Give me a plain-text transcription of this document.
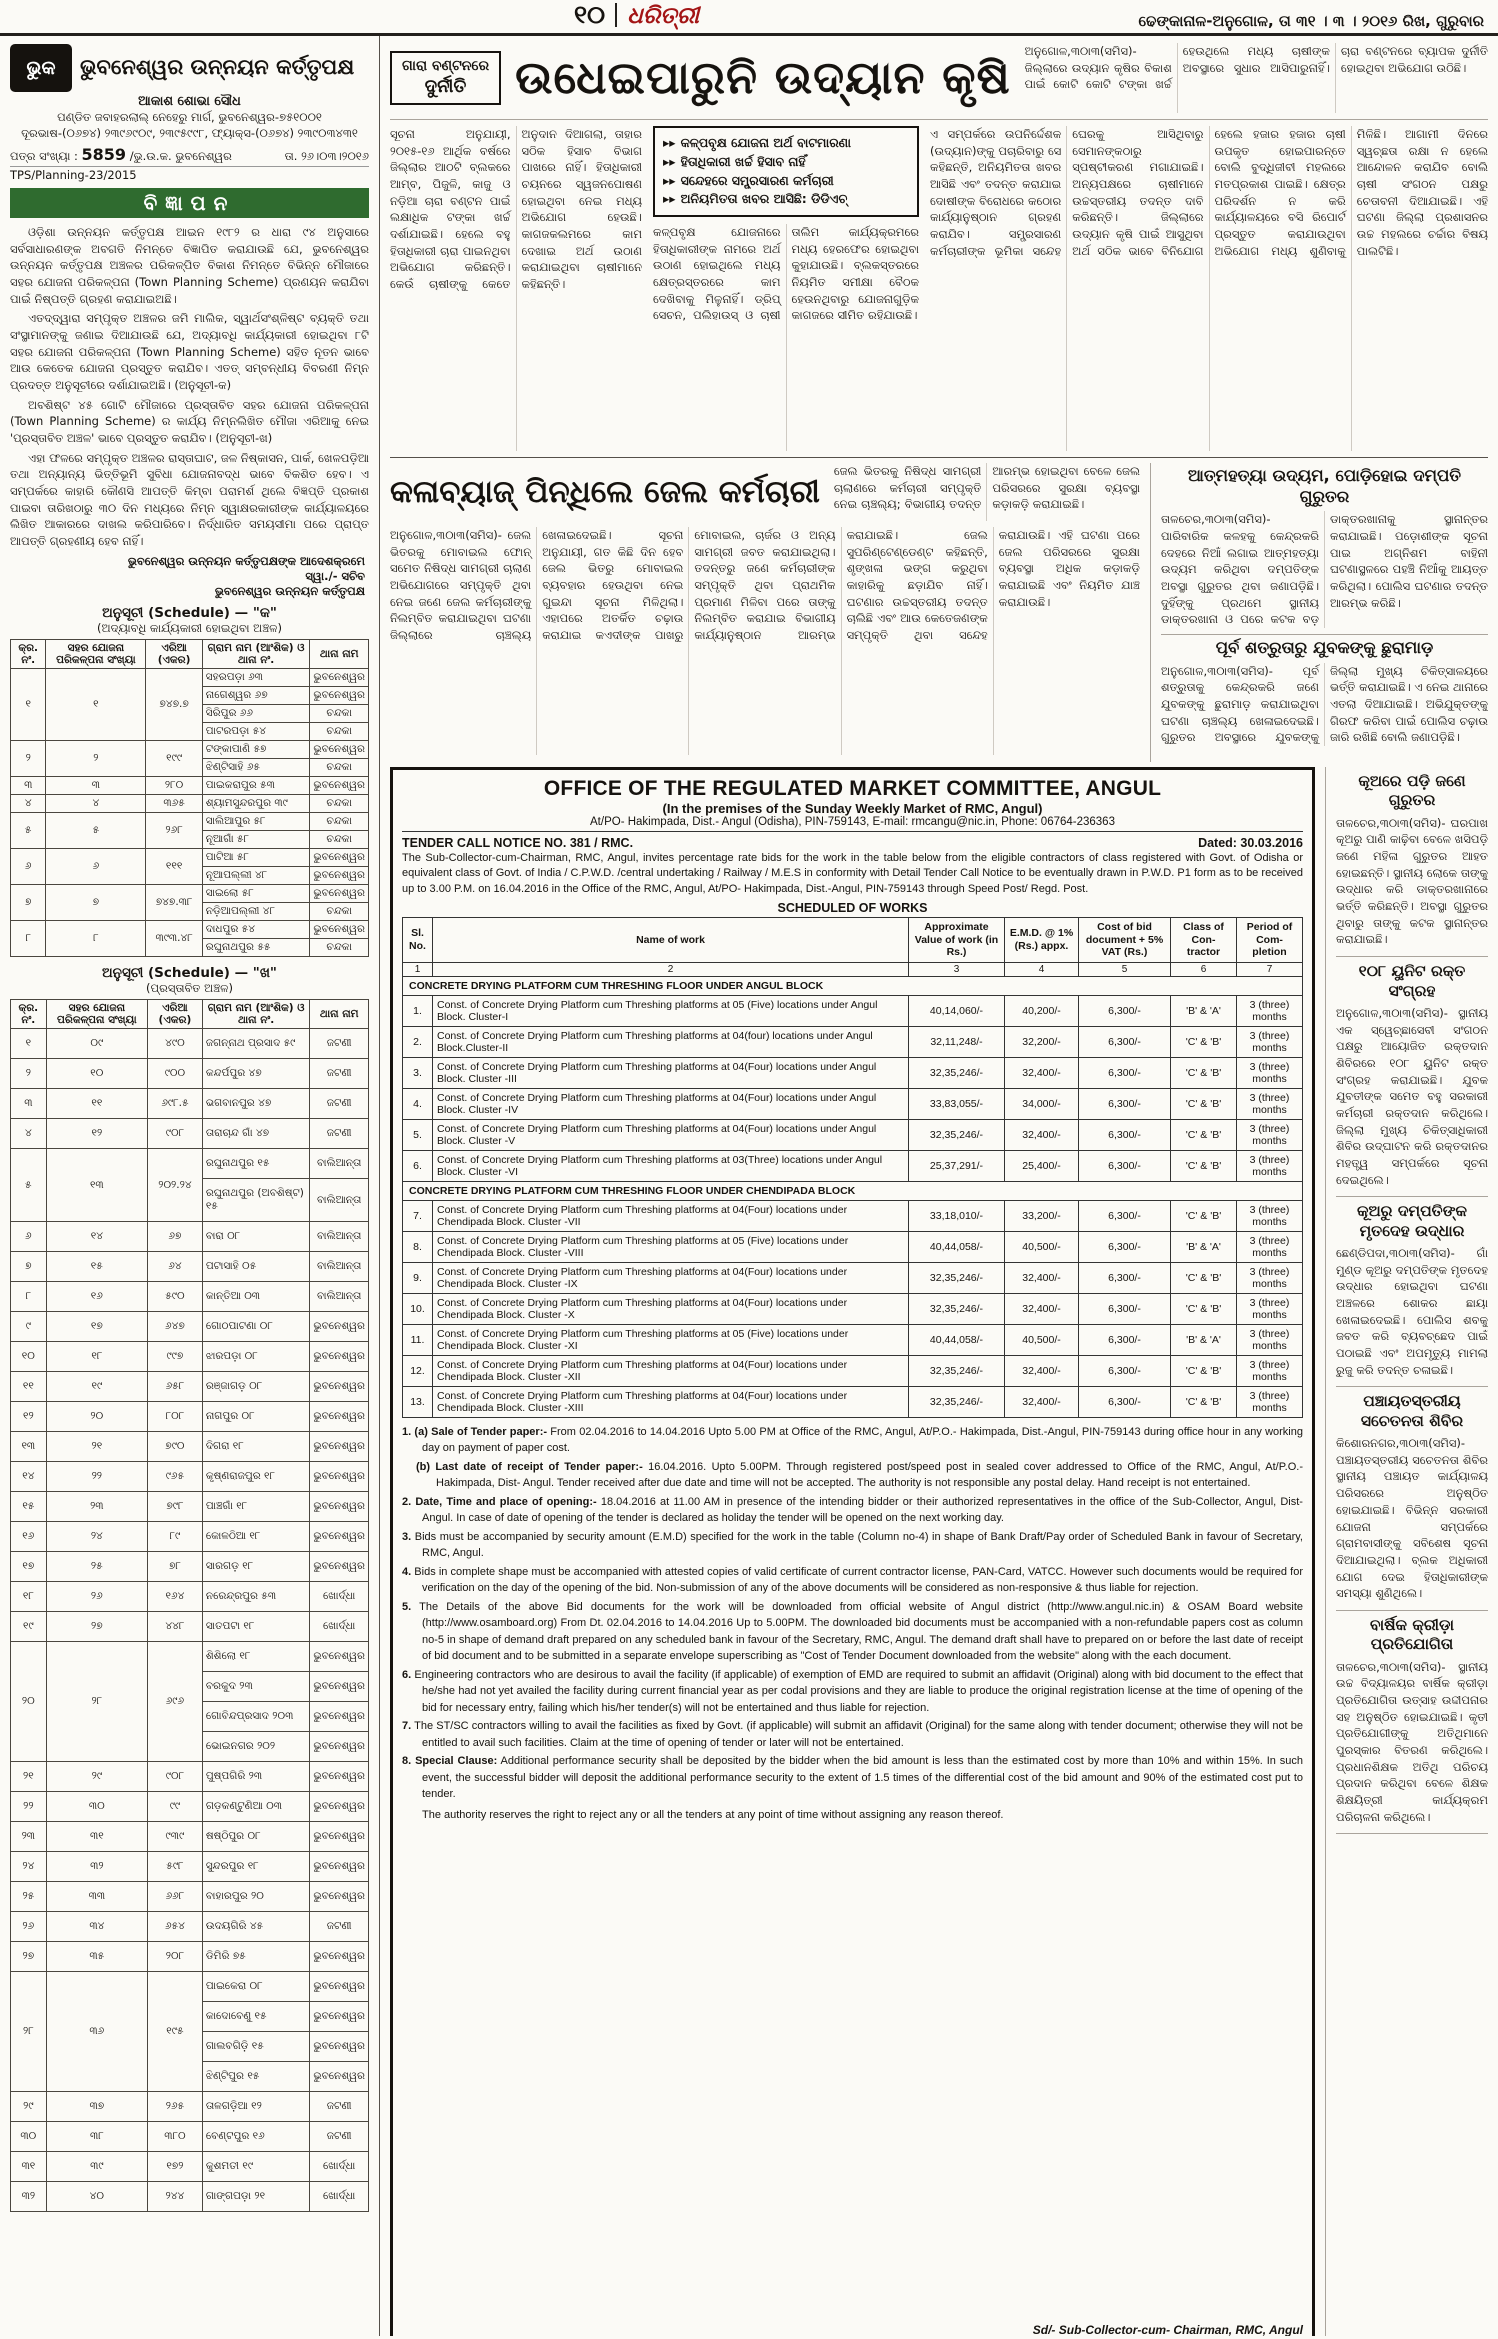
୧୦ ଧରିତ୍ରୀ	ଢେଙ୍କାନାଳ-ଅନୁଗୋଳ, ତା ୩୧ । ୩ । ୨୦୧୬ ରିଖ, ଗୁରୁବାର
ଭୁକ	ଭୁବନେଶ୍ୱର ଉନ୍ନୟନ କର୍ତ୍ତୃପକ୍ଷ
ଆକାଶ ଶୋଭା ସୌଧ
ପଣ୍ଡିତ ଜବାହରଲାଲ୍ ନେହେରୁ ମାର୍ଗ, ଭୁବନେଶ୍ୱର-୭୫୧୦୦୧
ଦୂରଭାଷ-(୦୬୭୪) ୨୩୯୬୯୦୯, ୨୩୯୫୯୯୮, ଫ୍ୟାକ୍ସ-(୦୬୭୪) ୨୩୯୦୩୪୩୧
ପତ୍ର ସଂଖ୍ୟା : 5859 /ଭୁ.ଉ.କ. ଭୁବନେଶ୍ୱର	ତା. ୨୬।୦୩।୨୦୧୬
TPS/Planning-23/2015
ବିଜ୍ଞାପନ

ଓଡ଼ିଶା ଉନ୍ନୟନ କର୍ତ୍ତୃପକ୍ଷ ଆଇନ ୧୯୮୨ ର ଧାରା ୯୪ ଅନୁସାରେ ସର୍ବସାଧାରଣଙ୍କ ଅବଗତି ନିମନ୍ତେ ବିଜ୍ଞାପିତ କରାଯାଉଛି ଯେ, ଭୁବନେଶ୍ୱର ଉନ୍ନୟନ କର୍ତ୍ତୃପକ୍ଷ ଅଞ୍ଚଳର ପରିକଳ୍ପିତ ବିକାଶ ନିମନ୍ତେ ବିଭିନ୍ନ ମୌଜାରେ ସହର ଯୋଜନା ପରିକଳ୍ପନା (Town Planning Scheme) ପ୍ରଣୟନ କରାଯିବା ପାଇଁ ନିଷ୍ପତ୍ତି ଗ୍ରହଣ କରାଯାଇଅଛି।

ଏତଦ୍‌ଦ୍ୱାରା ସମ୍ପୃକ୍ତ ଅଞ୍ଚଳର ଜମି ମାଲିକ, ସ୍ୱାର୍ଥସଂଶ୍ଳିଷ୍ଟ ବ୍ୟକ୍ତି ତଥା ସଂସ୍ଥାମାନଙ୍କୁ ଜଣାଇ ଦିଆଯାଉଛି ଯେ, ଅଦ୍ୟାବଧି କାର୍ଯ୍ୟକାରୀ ହୋଇଥିବା ୮ଟି ସହର ଯୋଜନା ପରିକଳ୍ପନା (Town Planning Scheme) ସହିତ ନୂତନ ଭାବେ ଆଉ କେତେକ ଯୋଜନା ପ୍ରସ୍ତୁତ କରାଯିବ। ଏତତ୍ ସମ୍ବନ୍ଧୀୟ ବିବରଣୀ ନିମ୍ନ ପ୍ରଦତ୍ତ ଅନୁସୂଚୀରେ ଦର୍ଶାଯାଇଅଛି। (ଅନୁସୂଚୀ-କ)

ଅବଶିଷ୍ଟ ୪୫ ଗୋଟି ମୌଜାରେ ପ୍ରସ୍ତାବିତ ସହର ଯୋଜନା ପରିକଳ୍ପନା (Town Planning Scheme) ର କାର୍ଯ୍ୟ ନିମ୍ନଲିଖିତ ମୌଜା ଏରିଆକୁ ନେଇ 'ପ୍ରସ୍ତାବିତ ଅଞ୍ଚଳ' ଭାବେ ପ୍ରସ୍ତୁତ କରାଯିବ। (ଅନୁସୂଚୀ-ଖ)

ଏହା ଫଳରେ ସମ୍ପୃକ୍ତ ଅଞ୍ଚଳର ରାସ୍ତାଘାଟ, ଜଳ ନିଷ୍କାସନ, ପାର୍କ, ଖେଳପଡ଼ିଆ ତଥା ଅନ୍ୟାନ୍ୟ ଭିତ୍ତିଭୂମି ସୁବିଧା ଯୋଜନାବଦ୍ଧ ଭାବେ ବିକଶିତ ହେବ। ଏ ସମ୍ପର୍କରେ କାହାରି କୌଣସି ଆପତ୍ତି କିମ୍ବା ପରାମର୍ଶ ଥିଲେ ବିଜ୍ଞପ୍ତି ପ୍ରକାଶ ପାଇବା ତାରିଖଠାରୁ ୩୦ ଦିନ ମଧ୍ୟରେ ନିମ୍ନ ସ୍ୱାକ୍ଷରକାରୀଙ୍କ କାର୍ଯ୍ୟାଳୟରେ ଲିଖିତ ଆକାରରେ ଦାଖଲ କରିପାରିବେ। ନିର୍ଦ୍ଧାରିତ ସମୟସୀମା ପରେ ପ୍ରାପ୍ତ ଆପତ୍ତି ଗ୍ରହଣୀୟ ହେବ ନାହିଁ।

ଭୁବନେଶ୍ୱର ଉନ୍ନୟନ କର୍ତ୍ତୃପକ୍ଷଙ୍କ ଆଦେଶକ୍ରମେ
ସ୍ୱା./- ସଚିବ
ଭୁବନେଶ୍ୱର ଉନ୍ନୟନ କର୍ତ୍ତୃପକ୍ଷ
ଅନୁସୂଚୀ (Schedule) — "କ"
(ଅଦ୍ୟାବଧି କାର୍ଯ୍ୟକାରୀ ହୋଇଥିବା ଅଞ୍ଚଳ)
କ୍ର. ନଂ.	ସହର ଯୋଜନା ପରିକଳ୍ପନା ସଂଖ୍ୟା	ଏରିଆ (ଏକର)	ଗ୍ରାମ ନାମ (ଆଂଶିକ) ଓ ଥାନା ନଂ.	ଥାନା ନାମ
୧	୧	୭୪୭.୭	ସହରପଡ଼ା ୬୩	ଭୁବନେଶ୍ୱର
			ନାଗେଶ୍ୱର ୬୭	ଭୁବନେଶ୍ୱର
			ସିରିପୁର ୬୬	ଚନ୍ଦକା
			ପାଟରପଡ଼ା ୫୪	ଚନ୍ଦକା
୨	୨	୧୯୯	ଟଙ୍କାପାଣି ୫୭	ଭୁବନେଶ୍ୱର
			ଝିଣ୍ଟିସାହି ୬୫	ଚନ୍ଦକା
୩	୩	୨୮୦	ପାଇକରାପୁର ୫୩	ଭୁବନେଶ୍ୱର
୪	୪	୩୬୫	ଶ୍ୟାମସୁନ୍ଦରପୁର ୩୯	ଚନ୍ଦକା
୫	୫	୨୬୮	ସାଲିଆପୁର ୫୮	ଚନ୍ଦକା
			ନୂଆଗାଁ ୫୮	ଚନ୍ଦକା
୬	୬	୧୧୧	ପାଟିଆ ୫୮	ଭୁବନେଶ୍ୱର
			ନୂଆପଲ୍ଲୀ ୪୮	ଭୁବନେଶ୍ୱର
୭	୭	୭୪୭.୩୮	ସାଇଲୋ ୫୮	ଭୁବନେଶ୍ୱର
			ନଡ଼ିଆପଲ୍ଲୀ ୪୮	ଚନ୍ଦକା
୮	୮	୩୯୩.୪୮	ଦାଧପୁର ୫୪	ଭୁବନେଶ୍ୱର
			ରଘୁନାଥପୁର ୫୫	ଚନ୍ଦକା
ଅନୁସୂଚୀ (Schedule) — "ଖ"
(ପ୍ରସ୍ତାବିତ ଅଞ୍ଚଳ)
କ୍ର. ନଂ.	ସହର ଯୋଜନା ପରିକଳ୍ପନା ସଂଖ୍ୟା	ଏରିଆ (ଏକର)	ଗ୍ରାମ ନାମ (ଆଂଶିକ) ଓ ଥାନା ନଂ.	ଥାନା ନାମ
୧	୦୯	୪୯୦	ଜଗନ୍ନାଥ ପ୍ରସାଦ ୫୯	ଜଟଣୀ
୨	୧୦	୯୦୦	କନ୍ଦର୍ପପୁର ୪୭	ଜଟଣୀ
୩	୧୧	୬୯୮.୫	ଭଗବାନପୁର ୪୭	ଜଟଣୀ
୪	୧୨	୯୦୮	ତାରାଚାନ୍ଦ ଗାଁ ୪୭	ଜଟଣୀ
୫	୧୩	୨୦୨.୨୪	ରଘୁନାଥପୁର ୧୫	ବାଲିଆନ୍ତା
			ରଘୁନାଥପୁର (ଅବଶିଷ୍ଟ) ୧୫	ବାଲିଆନ୍ତା
୬	୧୪	୬୭	ବାରା ୦୮	ବାଲିଆନ୍ତା
୭	୧୫	୬୪	ପଟାସାହି ୦୫	ବାଲିଆନ୍ତା
୮	୧୬	୫୯୦	କାନ୍ତିଆ ୦୩	ବାଲିଆନ୍ତା
୯	୧୭	୬୪୭	ଗୋଠପାଟଣା ୦୮	ଭୁବନେଶ୍ୱର
୧୦	୧୮	୯୯୭	ଝାରପଡ଼ା ୦୮	ଭୁବନେଶ୍ୱର
୧୧	୧୯	୬୫୮	ରଞ୍ଜାଗଡ଼ ୦୮	ଭୁବନେଶ୍ୱର
୧୨	୨୦	୮୦୮	ନାଗପୁର ୦୮	ଭୁବନେଶ୍ୱର
୧୩	୨୧	୭୯୦	ଦିଗରା ୧୮	ଭୁବନେଶ୍ୱର
୧୪	୨୨	୯୬୫	କୃଷ୍ଣରାଜପୁର ୧୮	ଭୁବନେଶ୍ୱର
୧୫	୨୩	୭୯୮	ପାଞ୍ଚଗାଁ ୧୮	ଭୁବନେଶ୍ୱର
୧୬	୨୪	୮୯	କୋଳଠିଆ ୧୮	ଭୁବନେଶ୍ୱର
୧୭	୨୫	୭୮	ସାରଗଡ଼ ୧୮	ଭୁବନେଶ୍ୱର
୧୮	୨୬	୧୬୪	ନରେନ୍ଦ୍ରପୁର ୫୩	ଖୋର୍ଦ୍ଧା
୧୯	୨୭	୪୪୮	ସାତପଟା ୧୮	ଖୋର୍ଦ୍ଧା
୨୦	୨୮	୬୯୬	ଶିଶିଲୋ ୧୮	ଭୁବନେଶ୍ୱର
			ବରକୁଦ ୨୩	ଭୁବନେଶ୍ୱର
			ଗୋବିନ୍ଦପ୍ରସାଦ ୨୦୩	ଭୁବନେଶ୍ୱର
			ଭୋଇନଗର ୨୦୨	ଭୁବନେଶ୍ୱର
୨୧	୨୯	୯୦୮	ପୁଷ୍ପଗିରି ୨୩	ଭୁବନେଶ୍ୱର
୨୨	୩୦	୯୯	ଗଡ଼କଣ୍ଟୁଣିଆ ୦୩	ଭୁବନେଶ୍ୱର
୨୩	୩୧	୯୩୯	ଷଷ୍ଠିପୁର ୦୮	ଭୁବନେଶ୍ୱର
୨୪	୩୨	୫୯୮	ସୁନ୍ଦରପୁର ୧୮	ଭୁବନେଶ୍ୱର
୨୫	୩୩	୬୬୮	ବାହାରପୁର ୨୦	ଭୁବନେଶ୍ୱର
୨୬	୩୪	୬୫୪	ଉଦୟଗିରି ୪୫	ଜଟଣୀ
୨୭	୩୫	୨୦୮	ଡିମିରି ୭୫	ଭୁବନେଶ୍ୱର
୨୮	୩୬	୧୯୫	ପାଇକେରା ୦୮	ଭୁବନେଶ୍ୱର
			କାଦୋବେଣୁ ୧୫	ଭୁବନେଶ୍ୱର
			ଗାଲବଗିଡ଼ି ୧୫	ଭୁବନେଶ୍ୱର
			ଝିଣ୍ଟିପୁର ୧୫	ଭୁବନେଶ୍ୱର
୨୯	୩୭	୨୬୫	ତାଳଗଡ଼ିଆ ୧୨	ଜଟଣୀ
୩୦	୩୮	୩୮୦	ବେଣ୍ଟପୁର ୧୬	ଜଟଣୀ
୩୧	୩୯	୧୭୨	କୁଶମତୀ ୧୯	ଖୋର୍ଦ୍ଧା
୩୨	୪୦	୨୪୪	ଗାଙ୍ଗପଡ଼ା ୨୧	ଖୋର୍ଦ୍ଧା
ଗାରା ବଣ୍ଟନରେ
ଦୁର୍ନୀତି	ଉଧେଇପାରୁନି ଉଦ୍ୟାନ କୃଷି ଅନୁଗୋଳ,୩୦ା୩(ସମିସ)- ଜିଲ୍ଲାରେ ଉଦ୍ୟାନ କୃଷିର ବିକାଶ ପାଇଁ କୋଟି କୋଟି ଟଙ୍କା ଖର୍ଚ୍ଚ ହେଉଥିଲେ ମଧ୍ୟ ଚାଷୀଙ୍କ ଅବସ୍ଥାରେ ସୁଧାର ଆସିପାରୁନାହିଁ। ଚାରା ବଣ୍ଟନରେ ବ୍ୟାପକ ଦୁର୍ନୀତି ହୋଇଥିବା ଅଭିଯୋଗ ଉଠିଛି।
ସୂଚନା ଅନୁଯାୟୀ, ୨୦୧୫-୧୬ ଆର୍ଥିକ ବର୍ଷରେ ଜିଲ୍ଲାର ଆଠଟି ବ୍ଲକରେ ଆମ୍ବ, ପିଜୁଳି, କାଜୁ ଓ ନଡ଼ିଆ ଚାରା ବଣ୍ଟନ ପାଇଁ ଲକ୍ଷାଧିକ ଟଙ୍କା ଖର୍ଚ୍ଚ ଦର୍ଶାଯାଇଛି। ହେଲେ ବହୁ ହିତାଧିକାରୀ ଚାରା ପାଇନଥିବା ଅଭିଯୋଗ କରିଛନ୍ତି। କେଉଁ ଚାଷୀଙ୍କୁ କେତେ ଅନୁଦାନ ଦିଆଗଲା, ତାହାର ସଠିକ ହିସାବ ବିଭାଗ ପାଖରେ ନାହିଁ। ହିତାଧିକାରୀ ଚୟନରେ ସ୍ୱଜନପୋଷଣ ହୋଇଥିବା ନେଇ ମଧ୍ୟ ଅଭିଯୋଗ ହେଉଛି। କାଗଜକଲମରେ କାମ ଦେଖାଇ ଅର୍ଥ ଉଠାଣ କରାଯାଇଥିବା ଚାଷୀମାନେ କହିଛନ୍ତି।
▸▸ କଳ୍ପବୃକ୍ଷ ଯୋଜନା ଅର୍ଥ ବାଟମାରଣା
▸▸ ହିତାଧିକାରୀ ଖର୍ଚ୍ଚ ହିସାବ ନାହିଁ
▸▸ ସନ୍ଦେହରେ ସମ୍ପ୍ରସାରଣ କର୍ମଚାରୀ
▸▸ ଅନିୟମିତତା ଖବର ଆସିଛି: ଡିଡିଏଚ୍
କଳ୍ପବୃକ୍ଷ ଯୋଜନାରେ ହିତାଧିକାରୀଙ୍କ ନାମରେ ଅର୍ଥ ଉଠାଣ ହୋଇଥିଲେ ମଧ୍ୟ କ୍ଷେତ୍ରସ୍ତରରେ କାମ ଦେଖିବାକୁ ମିଳୁନାହିଁ। ଡ୍ରିପ୍ ସେଚନ, ପଲିହାଉସ୍ ଓ ଚାଷୀ ତାଲିମ କାର୍ଯ୍ୟକ୍ରମରେ ମଧ୍ୟ ହେରଫେର ହୋଇଥିବା କୁହାଯାଉଛି। ବ୍ଲକସ୍ତରରେ ନିୟମିତ ସମୀକ୍ଷା ବୈଠକ ହେଉନଥିବାରୁ ଯୋଜନାଗୁଡ଼ିକ କାଗଜରେ ସୀମିତ ରହିଯାଉଛି।
ଏ ସମ୍ପର୍କରେ ଉପନିର୍ଦ୍ଦେଶକ (ଉଦ୍ୟାନ)ଙ୍କୁ ପଚାରିବାରୁ ସେ କହିଛନ୍ତି, ଅନିୟମିତତା ଖବର ଆସିଛି ଏବଂ ତଦନ୍ତ କରାଯାଇ ଦୋଷୀଙ୍କ ବିରୋଧରେ କଠୋର କାର୍ଯ୍ୟାନୁଷ୍ଠାନ ଗ୍ରହଣ କରାଯିବ। ସମ୍ପ୍ରସାରଣ କର୍ମଚାରୀଙ୍କ ଭୂମିକା ସନ୍ଦେହ ଘେରକୁ ଆସିଥିବାରୁ ସେମାନଙ୍କଠାରୁ ସ୍ପଷ୍ଟୀକରଣ ମଗାଯାଇଛି। ଅନ୍ୟପକ୍ଷରେ ଚାଷୀମାନେ ଉଚ୍ଚସ୍ତରୀୟ ତଦନ୍ତ ଦାବି କରିଛନ୍ତି। ଜିଲ୍ଲାରେ ଉଦ୍ୟାନ କୃଷି ପାଇଁ ଆସୁଥିବା ଅର୍ଥ ସଠିକ ଭାବେ ବିନିଯୋଗ ହେଲେ ହଜାର ହଜାର ଚାଷୀ ଉପକୃତ ହୋଇପାରନ୍ତେ ବୋଲି ବୁଦ୍ଧିଜୀବୀ ମହଲରେ ମତପ୍ରକାଶ ପାଇଛି। କ୍ଷେତ୍ର ପରିଦର୍ଶନ ନ କରି କାର୍ଯ୍ୟାଳୟରେ ବସି ରିପୋର୍ଟ ପ୍ରସ୍ତୁତ କରାଯାଉଥିବା ଅଭିଯୋଗ ମଧ୍ୟ ଶୁଣିବାକୁ ମିଳିଛି। ଆଗାମୀ ଦିନରେ ସ୍ୱଚ୍ଛତା ରକ୍ଷା ନ ହେଲେ ଆନ୍ଦୋଳନ କରାଯିବ ବୋଲି ଚାଷୀ ସଂଗଠନ ପକ୍ଷରୁ ଚେତାବନୀ ଦିଆଯାଇଛି। ଏହି ଘଟଣା ଜିଲ୍ଲା ପ୍ରଶାସନର ଉଚ୍ଚ ମହଲରେ ଚର୍ଚ୍ଚାର ବିଷୟ ପାଲଟିଛି।
କଳାବ୍ୟାଜ୍ ପିନ୍ଧିଲେ ଜେଲ କର୍ମଚାରୀ
ଜେଲ ଭିତରକୁ ନିଷିଦ୍ଧ ସାମଗ୍ରୀ ଚାଲାଣରେ କର୍ମଚାରୀ ସମ୍ପୃକ୍ତି ନେଇ ଚାଞ୍ଚଲ୍ୟ; ବିଭାଗୀୟ ତଦନ୍ତ ଆରମ୍ଭ ହୋଇଥିବା ବେଳେ ଜେଲ ପରିସରରେ ସୁରକ୍ଷା ବ୍ୟବସ୍ଥା କଡ଼ାକଡ଼ି କରାଯାଇଛି।
ଅନୁଗୋଳ,୩୦ା୩(ସମିସ)- ଜେଲ ଭିତରକୁ ମୋବାଇଲ ଫୋନ୍ ସମେତ ନିଷିଦ୍ଧ ସାମଗ୍ରୀ ଚାଲାଣ ଅଭିଯୋଗରେ ସମ୍ପୃକ୍ତି ଥିବା ନେଇ ଜଣେ ଜେଲ କର୍ମଚାରୀଙ୍କୁ ନିଲମ୍ବିତ କରାଯାଇଥିବା ଘଟଣା ଜିଲ୍ଲାରେ ଚାଞ୍ଚଲ୍ୟ ଖେଳାଇଦେଇଛି। ସୂଚନା ଅନୁଯାୟୀ, ଗତ କିଛି ଦିନ ହେବ ଜେଲ ଭିତରୁ ମୋବାଇଲ ବ୍ୟବହାର ହେଉଥିବା ନେଇ ଗୁଇନ୍ଦା ସୂଚନା ମିଳିଥିଲା। ଏହାପରେ ଅତର୍କିତ ଚଢ଼ାଉ କରାଯାଇ କଏଦୀଙ୍କ ପାଖରୁ ମୋବାଇଲ, ଚାର୍ଜର ଓ ଅନ୍ୟ ସାମଗ୍ରୀ ଜବତ କରାଯାଇଥିଲା। ତଦନ୍ତରୁ ଜଣେ କର୍ମଚାରୀଙ୍କ ସମ୍ପୃକ୍ତି ଥିବା ପ୍ରାଥମିକ ପ୍ରମାଣ ମିଳିବା ପରେ ତାଙ୍କୁ ନିଲମ୍ବିତ କରାଯାଇ ବିଭାଗୀୟ କାର୍ଯ୍ୟାନୁଷ୍ଠାନ ଆରମ୍ଭ କରାଯାଇଛି। ଜେଲ ସୁପରିଣ୍ଟେଣ୍ଡେଣ୍ଟ କହିଛନ୍ତି, ଶୃଙ୍ଖଳା ଭଙ୍ଗ କରୁଥିବା କାହାରିକୁ ଛଡ଼ାଯିବ ନାହିଁ। ଘଟଣାର ଉଚ୍ଚସ୍ତରୀୟ ତଦନ୍ତ ଚାଲିଛି ଏବଂ ଆଉ କେତେଜଣଙ୍କ ସମ୍ପୃକ୍ତି ଥିବା ସନ୍ଦେହ କରାଯାଉଛି। ଏହି ଘଟଣା ପରେ ଜେଲ ପରିସରରେ ସୁରକ୍ଷା ବ୍ୟବସ୍ଥା ଅଧିକ କଡ଼ାକଡ଼ି କରାଯାଇଛି ଏବଂ ନିୟମିତ ଯାଞ୍ଚ କରାଯାଉଛି।
ଆତ୍ମହତ୍ୟା ଉଦ୍ୟମ, ପୋଡ଼ିହୋଇ ଦମ୍ପତି ଗୁରୁତର
ତାଳଚେର,୩୦ା୩(ସମିସ)- ପାରିବାରିକ କଳହକୁ କେନ୍ଦ୍ରକରି ଦେହରେ ନିଆଁ ଲଗାଇ ଆତ୍ମହତ୍ୟା ଉଦ୍ୟମ କରିଥିବା ଦମ୍ପତିଙ୍କ ଅବସ୍ଥା ଗୁରୁତର ଥିବା ଜଣାପଡ଼ିଛି। ଦୁହିଁଙ୍କୁ ପ୍ରଥମେ ସ୍ଥାନୀୟ ଡାକ୍ତରଖାନା ଓ ପରେ କଟକ ବଡ଼ ଡାକ୍ତରଖାନାକୁ ସ୍ଥାନାନ୍ତର କରାଯାଇଛି। ପଡ଼ୋଶୀଙ୍କ ସୂଚନା ପାଇ ଅଗ୍ନିଶମ ବାହିନୀ ଘଟଣାସ୍ଥଳରେ ପହଞ୍ଚି ନିଆଁକୁ ଆୟତ୍ତ କରିଥିଲା। ପୋଲିସ ଘଟଣାର ତଦନ୍ତ ଆରମ୍ଭ କରିଛି।
ପୂର୍ବ ଶତ୍ରୁତାରୁ ଯୁବକଙ୍କୁ ଛୁରାମାଡ଼
ଅନୁଗୋଳ,୩୦ା୩(ସମିସ)- ପୂର୍ବ ଶତ୍ରୁତାକୁ କେନ୍ଦ୍ରକରି ଜଣେ ଯୁବକଙ୍କୁ ଛୁରାମାଡ଼ କରାଯାଇଥିବା ଘଟଣା ଚାଞ୍ଚଲ୍ୟ ଖେଳାଇଦେଇଛି। ଗୁରୁତର ଅବସ୍ଥାରେ ଯୁବକଙ୍କୁ ଜିଲ୍ଲା ମୁଖ୍ୟ ଚିକିତ୍ସାଳୟରେ ଭର୍ତ୍ତି କରାଯାଇଛି। ଏ ନେଇ ଥାନାରେ ଏତଲା ଦିଆଯାଇଛି। ଅଭିଯୁକ୍ତଙ୍କୁ ଗିରଫ କରିବା ପାଇଁ ପୋଲିସ ଚଢ଼ାଉ ଜାରି ରଖିଛି ବୋଲି ଜଣାପଡ଼ିଛି।
OFFICE OF THE REGULATED MARKET COMMITTEE, ANGUL
(In the premises of the Sunday Weekly Market of RMC, Angul)
At/PO- Hakimpada, Dist.- Angul (Odisha), PIN-759143, E-mail: rmcangu@nic.in, Phone: 06764-236363
TENDER CALL NOTICE NO. 381 / RMC.	Dated: 30.03.2016

The Sub-Collector-cum-Chairman, RMC, Angul, invites percentage rate bids for the work in the table below from the eligible contractors of class registered with Govt. of Odisha or equivalent class of Govt. of India / C.P.W.D. /central undertaking / Railway / M.E.S in conformity with Detail Tender Call Notice to be eventually drawn in P.W.D. P1 form as to be received up to 3.00 P.M. on 16.04.2016 in the Office of the RMC, Angul, At/PO- Hakimpada, Dist.-Angul, PIN-759143 through Speed Post/ Regd. Post.

SCHEDULED OF WORKS
Sl. No.	Name of work	Approximate Value of work (in Rs.)	E.M.D. @ 1% (Rs.) appx.	Cost of bid document + 5% VAT (Rs.)	Class of Con- tractor	Period of Com- pletion
1	2	3	4	5	6	7
CONCRETE DRYING PLATFORM CUM THRESHING FLOOR UNDER ANGUL BLOCK						
1.	Const. of Concrete Drying Platform cum Threshing platforms at 05 (Five) locations under Angul Block. Cluster-I	40,14,060/-	40,200/-	6,300/-	'B' & 'A'	3 (three) months
2.	Const. of Concrete Drying Platform cum Threshing platforms at 04(four) locations under Angul Block.Cluster-II	32,11,248/-	32,200/-	6,300/-	'C' & 'B'	3 (three) months
3.	Const. of Concrete Drying Platform cum Threshing platforms at 04(Four) locations under Angul Block. Cluster -III	32,35,246/-	32,400/-	6,300/-	'C' & 'B'	3 (three) months
4.	Const. of Concrete Drying Platform cum Threshing platforms at 04(Four) locations under Angul Block. Cluster -IV	33,83,055/-	34,000/-	6,300/-	'C' & 'B'	3 (three) months
5.	Const. of Concrete Drying Platform cum Threshing platforms at 04(Four) locations under Angul Block. Cluster -V	32,35,246/-	32,400/-	6,300/-	'C' & 'B'	3 (three) months
6.	Const. of Concrete Drying Platform cum Threshing platforms at 03(Three) locations under Angul Block. Cluster -VI	25,37,291/-	25,400/-	6,300/-	'C' & 'B'	3 (three) months
CONCRETE DRYING PLATFORM CUM THRESHING FLOOR UNDER CHENDIPADA BLOCK						
7.	Const. of Concrete Drying Platform cum Threshing platforms at 04(Four) locations under Chendipada Block. Cluster -VII	33,18,010/-	33,200/-	6,300/-	'C' & 'B'	3 (three) months
8.	Const. of Concrete Drying Platform cum Threshing platforms at 05 (Five) locations under Chendipada Block. Cluster -VIII	40,44,058/-	40,500/-	6,300/-	'B' & 'A'	3 (three) months
9.	Const. of Concrete Drying Platform cum Threshing platforms at 04(Four) locations under Chendipada Block. Cluster -IX	32,35,246/-	32,400/-	6,300/-	'C' & 'B'	3 (three) months
10.	Const. of Concrete Drying Platform cum Threshing platforms at 04(Four) locations under Chendipada Block. Cluster -X	32,35,246/-	32,400/-	6,300/-	'C' & 'B'	3 (three) months
11.	Const. of Concrete Drying Platform cum Threshing platforms at 05 (Five) locations under Chendipada Block. Cluster -XI	40,44,058/-	40,500/-	6,300/-	'B' & 'A'	3 (three) months
12.	Const. of Concrete Drying Platform cum Threshing platforms at 04(Four) locations under Chendipada Block. Cluster -XII	32,35,246/-	32,400/-	6,300/-	'C' & 'B'	3 (three) months
13.	Const. of Concrete Drying Platform cum Threshing platforms at 04(Four) locations under Chendipada Block. Cluster -XIII	32,35,246/-	32,400/-	6,300/-	'C' & 'B'	3 (three) months
1. (a) Sale of Tender paper:- From 02.04.2016 to 14.04.2016 Upto 5.00 PM at Office of the RMC, Angul, At/P.O.- Hakimpada, Dist.-Angul, PIN-759143 during office hour in any working day on payment of paper cost.
(b) Last date of receipt of Tender paper:- 16.04.2016. Upto 5.00PM. Through registered post/speed post in sealed cover addressed to Office of the RMC, Angul, At/P.O.- Hakimpada, Dist- Angul. Tender received after due date and time will not be accepted. The authority is not responsible any postal delay. Hand receipt is not entertained.
2. Date, Time and place of opening:- 18.04.2016 at 11.00 AM in presence of the intending bidder or their authorized representatives in the office of the Sub-Collector, Angul, Dist- Angul. In case of date of opening of the tender is declared as holiday the tender will be opened on the next working day.
3. Bids must be accompanied by security amount (E.M.D) specified for the work in the table (Column no-4) in shape of Bank Draft/Pay order of Scheduled Bank in favour of Secretary, RMC, Angul.
4. Bids in complete shape must be accompanied with attested copies of valid certificate of current contractor license, PAN-Card, VATCC. However such documents would be required for verification on the day of the opening of the bid. Non-submission of any of the above documents will be considered as non-responsive & thus liable for rejection.
5. The Details of the above Bid documents for the work will be downloaded from official website of Angul district (http://www.angul.nic.in) & OSAM Board website (http://www.osamboard.org) From Dt. 02.04.2016 to 14.04.2016 Up to 5.00PM. The downloaded bid documents must be accompanied with a non-refundable papers cost as column no-5 in shape of demand draft prepared on any scheduled bank in favour of the Secretary, RMC, Angul. The demand draft shall have to prepared on or before the last date of receipt of bid document and to be submitted in a separate envelope superscribing as "Cost of Tender Document downloaded from the website" along with the each document.
6. Engineering contractors who are desirous to avail the facility (if applicable) of exemption of EMD are required to submit an affidavit (Original) along with bid document to the effect that he/she had not yet availed the facility during current financial year as per codal provisions and they are liable to produce the original registration license at the time of opening of the bid for necessary entry, failing which his/her tender(s) will not be entertained and thus liable for rejection.
7. The ST/SC contractors willing to avail the facilities as fixed by Govt. (if applicable) will submit an affidavit (Original) for the same along with tender document; otherwise they will not be entitled to avail such facilities. Claim at the time of opening of tender or later will not be entertained.
8. Special Clause: Additional performance security shall be deposited by the bidder when the bid amount is less than the estimated cost by more than 10% and within 15%. In such event, the successful bidder will deposit the additional performance security to the extent of 1.5 times of the differential cost of the bid amount and 90% of the estimated cost put to tender.

The authority reserves the right to reject any or all the tenders at any point of time without assigning any reason thereof.

Sd/- Sub-Collector-cum- Chairman, RMC, Angul
କୂଅରେ ପଡ଼ି ଜଣେ ଗୁରୁତର
ତାଳଚେର,୩୦ା୩(ସମିସ)- ଘରପାଖ କୂଅରୁ ପାଣି କାଢ଼ିବା ବେଳେ ଖସିପଡ଼ି ଜଣେ ମହିଳା ଗୁରୁତର ଆହତ ହୋଇଛନ୍ତି। ସ୍ଥାନୀୟ ଲୋକେ ତାଙ୍କୁ ଉଦ୍ଧାର କରି ଡାକ୍ତରଖାନାରେ ଭର୍ତ୍ତି କରିଛନ୍ତି। ଅବସ୍ଥା ଗୁରୁତର ଥିବାରୁ ତାଙ୍କୁ କଟକ ସ୍ଥାନାନ୍ତର କରାଯାଇଛି।
୧୦୮ ୟୁନିଟ ରକ୍ତ ସଂଗ୍ରହ
ଅନୁଗୋଳ,୩୦ା୩(ସମିସ)- ସ୍ଥାନୀୟ ଏକ ସ୍ୱେଚ୍ଛାସେବୀ ସଂଗଠନ ପକ୍ଷରୁ ଆୟୋଜିତ ରକ୍ତଦାନ ଶିବିରରେ ୧୦୮ ୟୁନିଟ ରକ୍ତ ସଂଗ୍ରହ କରାଯାଇଛି। ଯୁବକ ଯୁବତୀଙ୍କ ସମେତ ବହୁ ସରକାରୀ କର୍ମଚାରୀ ରକ୍ତଦାନ କରିଥିଲେ। ଜିଲ୍ଲା ମୁଖ୍ୟ ଚିକିତ୍ସାଧିକାରୀ ଶିବିର ଉଦ୍‌ଘାଟନ କରି ରକ୍ତଦାନର ମହତ୍ତ୍ୱ ସମ୍ପର୍କରେ ସୂଚନା ଦେଇଥିଲେ।
କୂଅରୁ ଦମ୍ପତିଙ୍କ ମୃତଦେହ ଉଦ୍ଧାର
ଛେଣ୍ଡିପଦା,୩୦ା୩(ସମିସ)- ଗାଁ ମୁଣ୍ଡ କୂଅରୁ ଦମ୍ପତିଙ୍କ ମୃତଦେହ ଉଦ୍ଧାର ହୋଇଥିବା ଘଟଣା ଅଞ୍ଚଳରେ ଶୋକର ଛାୟା ଖେଳାଇଦେଇଛି। ପୋଲିସ ଶବକୁ ଜବତ କରି ବ୍ୟବଚ୍ଛେଦ ପାଇଁ ପଠାଇଛି ଏବଂ ଅପମୃତ୍ୟୁ ମାମଲା ରୁଜୁ କରି ତଦନ୍ତ ଚଳାଇଛି।
ପଞ୍ଚାୟତସ୍ତରୀୟ ସଚେତନତା ଶିବିର
କିଶୋରନଗର,୩୦ା୩(ସମିସ)- ପଞ୍ଚାୟତସ୍ତରୀୟ ସଚେତନତା ଶିବିର ସ୍ଥାନୀୟ ପଞ୍ଚାୟତ କାର୍ଯ୍ୟାଳୟ ପରିସରରେ ଅନୁଷ୍ଠିତ ହୋଇଯାଇଛି। ବିଭିନ୍ନ ସରକାରୀ ଯୋଜନା ସମ୍ପର୍କରେ ଗ୍ରାମବାସୀଙ୍କୁ ସବିଶେଷ ସୂଚନା ଦିଆଯାଇଥିଲା। ବ୍ଲକ ଅଧିକାରୀ ଯୋଗ ଦେଇ ହିତାଧିକାରୀଙ୍କ ସମସ୍ୟା ଶୁଣିଥିଲେ।
ବାର୍ଷିକ କ୍ରୀଡ଼ା ପ୍ରତିଯୋଗିତା
ତାଳଚେର,୩୦ା୩(ସମିସ)- ସ୍ଥାନୀୟ ଉଚ୍ଚ ବିଦ୍ୟାଳୟର ବାର୍ଷିକ କ୍ରୀଡ଼ା ପ୍ରତିଯୋଗିତା ଉତ୍ସାହ ଉଦ୍ଦୀପନାର ସହ ଅନୁଷ୍ଠିତ ହୋଇଯାଇଛି। କୃତୀ ପ୍ରତିଯୋଗୀଙ୍କୁ ଅତିଥିମାନେ ପୁରସ୍କାର ବିତରଣ କରିଥିଲେ। ପ୍ରଧାନଶିକ୍ଷକ ଅତିଥି ପରିଚୟ ପ୍ରଦାନ କରିଥିବା ବେଳେ ଶିକ୍ଷକ ଶିକ୍ଷୟିତ୍ରୀ କାର୍ଯ୍ୟକ୍ରମ ପରିଚାଳନା କରିଥିଲେ।
